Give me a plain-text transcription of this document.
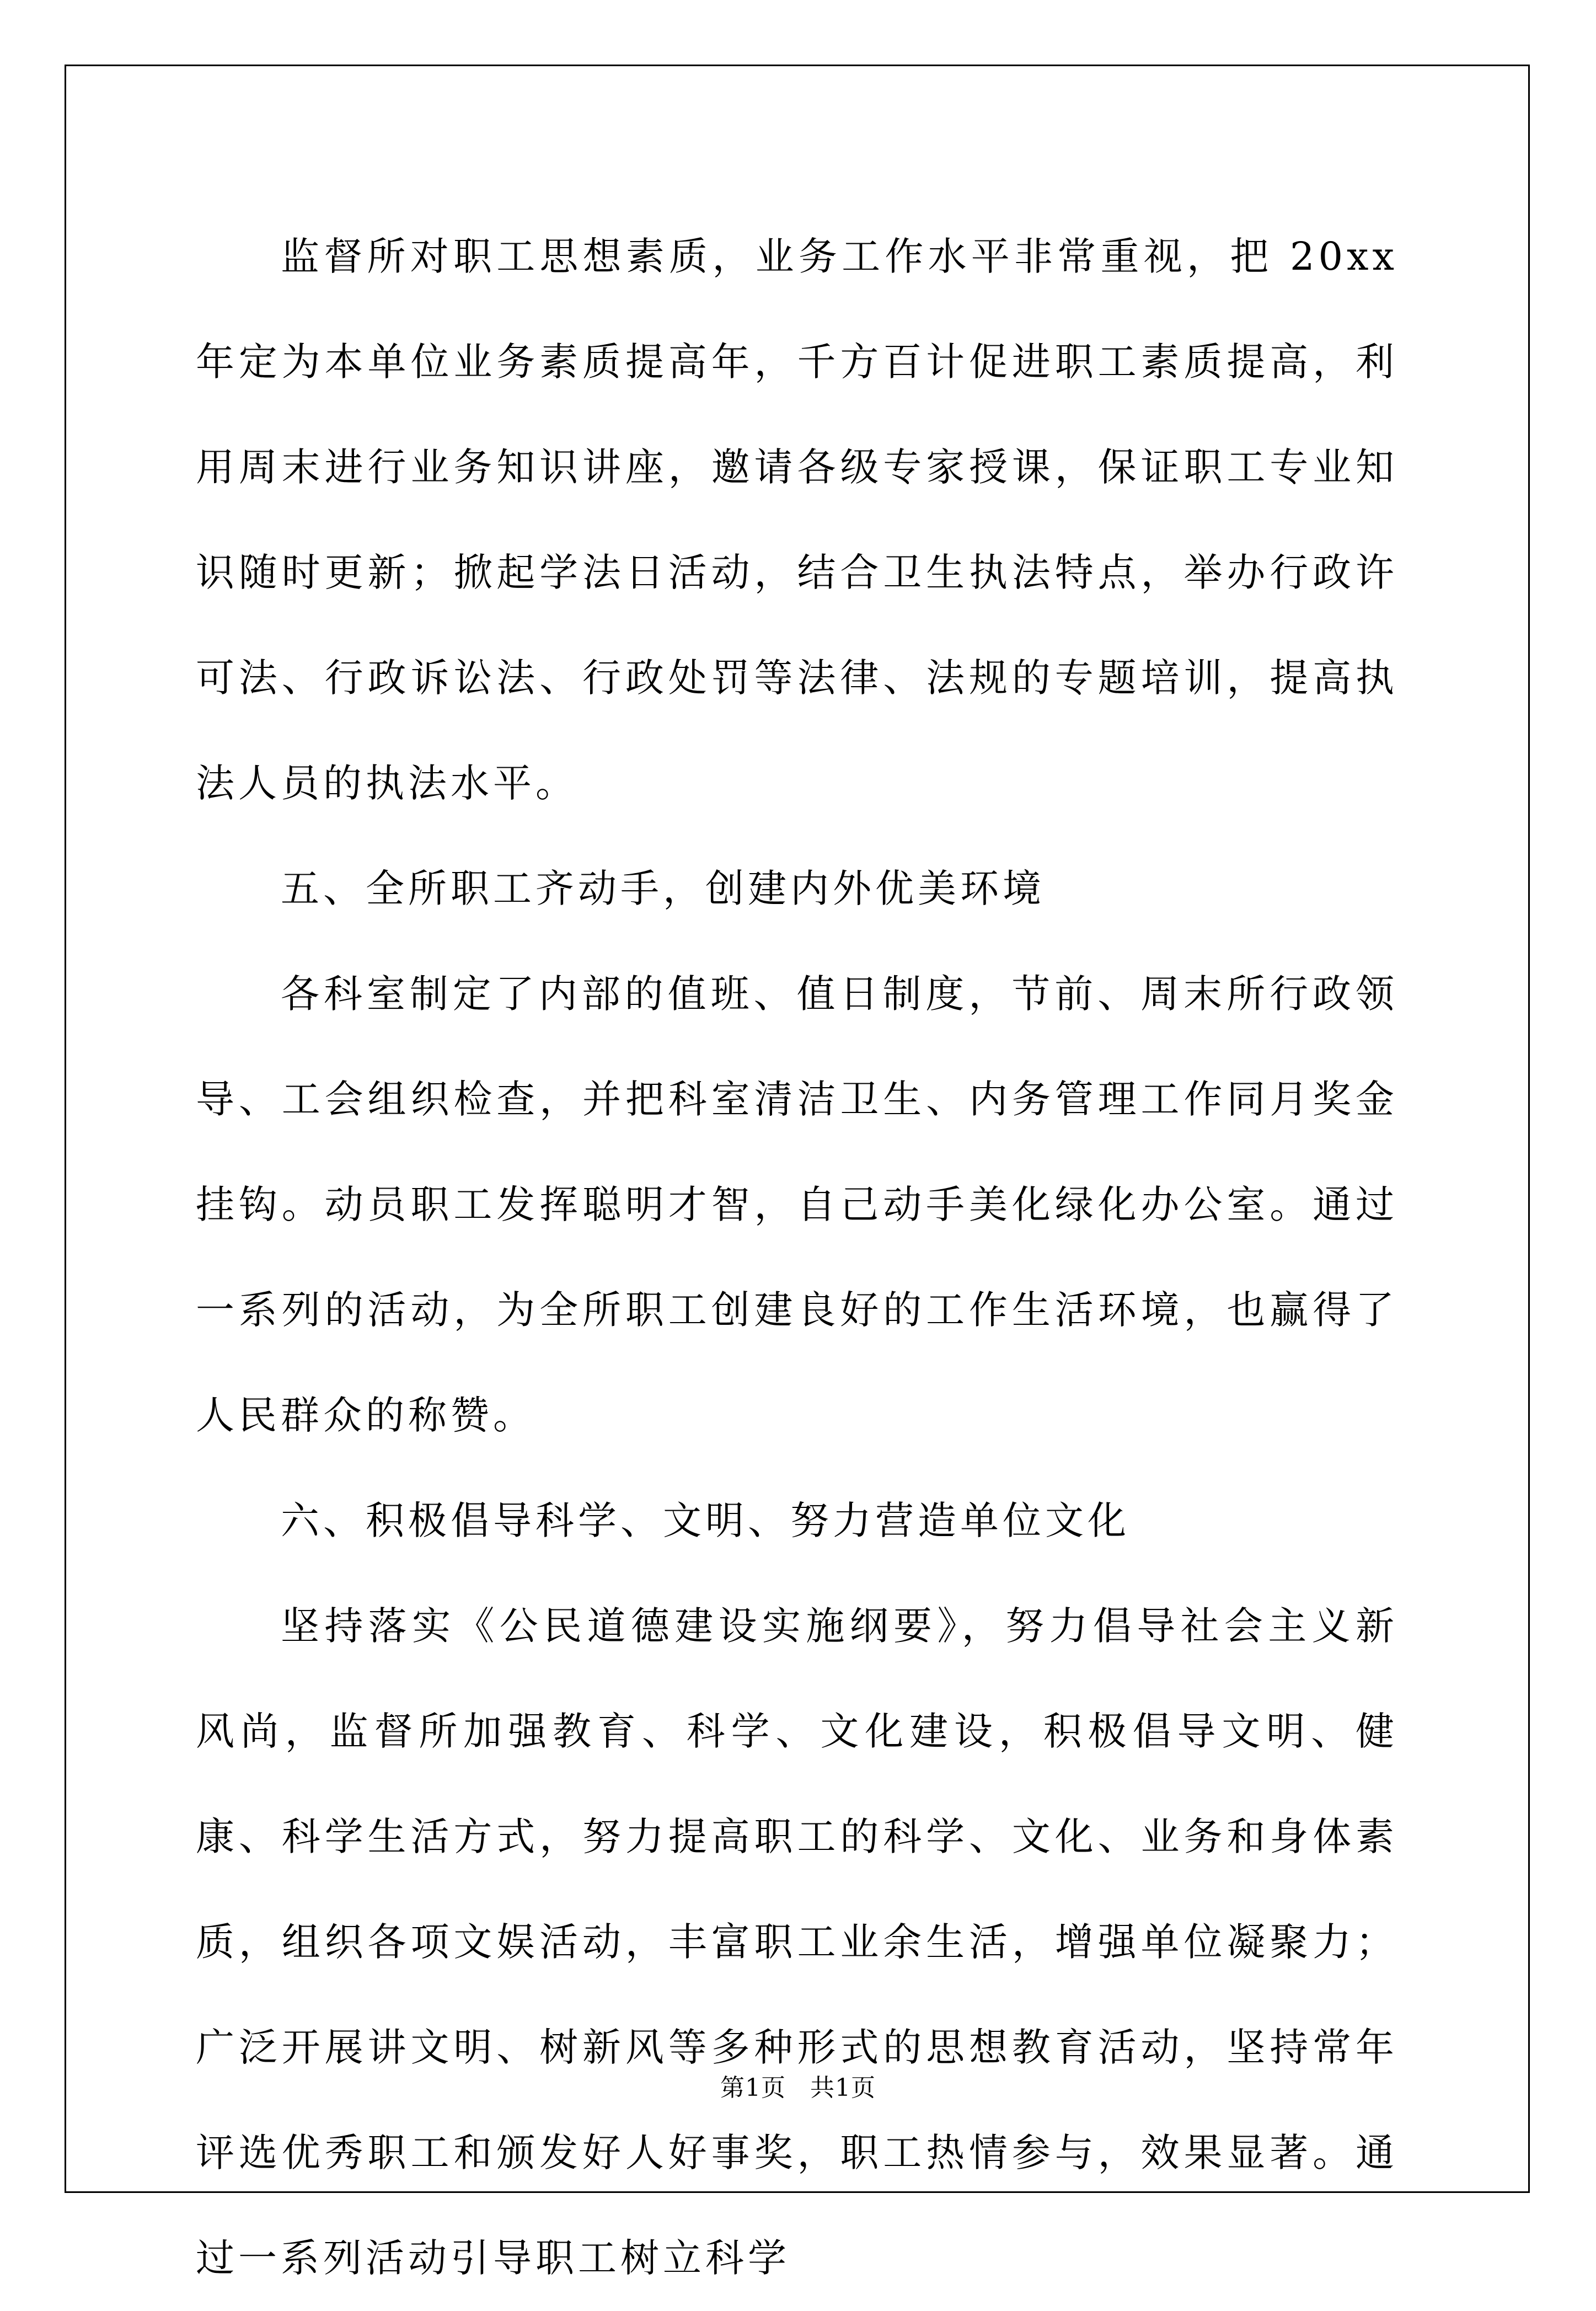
监督所对职工思想素质，业务工作水平非常重视，把 20xx 年定为本单位业务素质提高年，千方百计促进职工素质提高，利用周末进行业务知识讲座，邀请各级专家授课，保证职工专业知识随时更新；掀起学法日活动，结合卫生执法特点，举办行政许可法、行政诉讼法、行政处罚等法律、法规的专题培训，提高执法人员的执法水平。

五、全所职工齐动手，创建内外优美环境

各科室制定了内部的值班、值日制度，节前、周末所行政领导、工会组织检查，并把科室清洁卫生、内务管理工作同月奖金挂钩。动员职工发挥聪明才智，自己动手美化绿化办公室。通过一系列的活动，为全所职工创建良好的工作生活环境，也赢得了人民群众的称赞。

六、积极倡导科学、文明、努力营造单位文化

坚持落实《公民道德建设实施纲要》，努力倡导社会主义新风尚，监督所加强教育、科学、文化建设，积极倡导文明、健康、科学生活方式，努力提高职工的科学、文化、业务和身体素质，组织各项文娱活动，丰富职工业余生活，增强单位凝聚力；广泛开展讲文明、树新风等多种形式的思想教育活动，坚持常年评选优秀职工和颁发好人好事奖，职工热情参与，效果显著。通过一系列活动引导职工树立科学

第1页 共1页
